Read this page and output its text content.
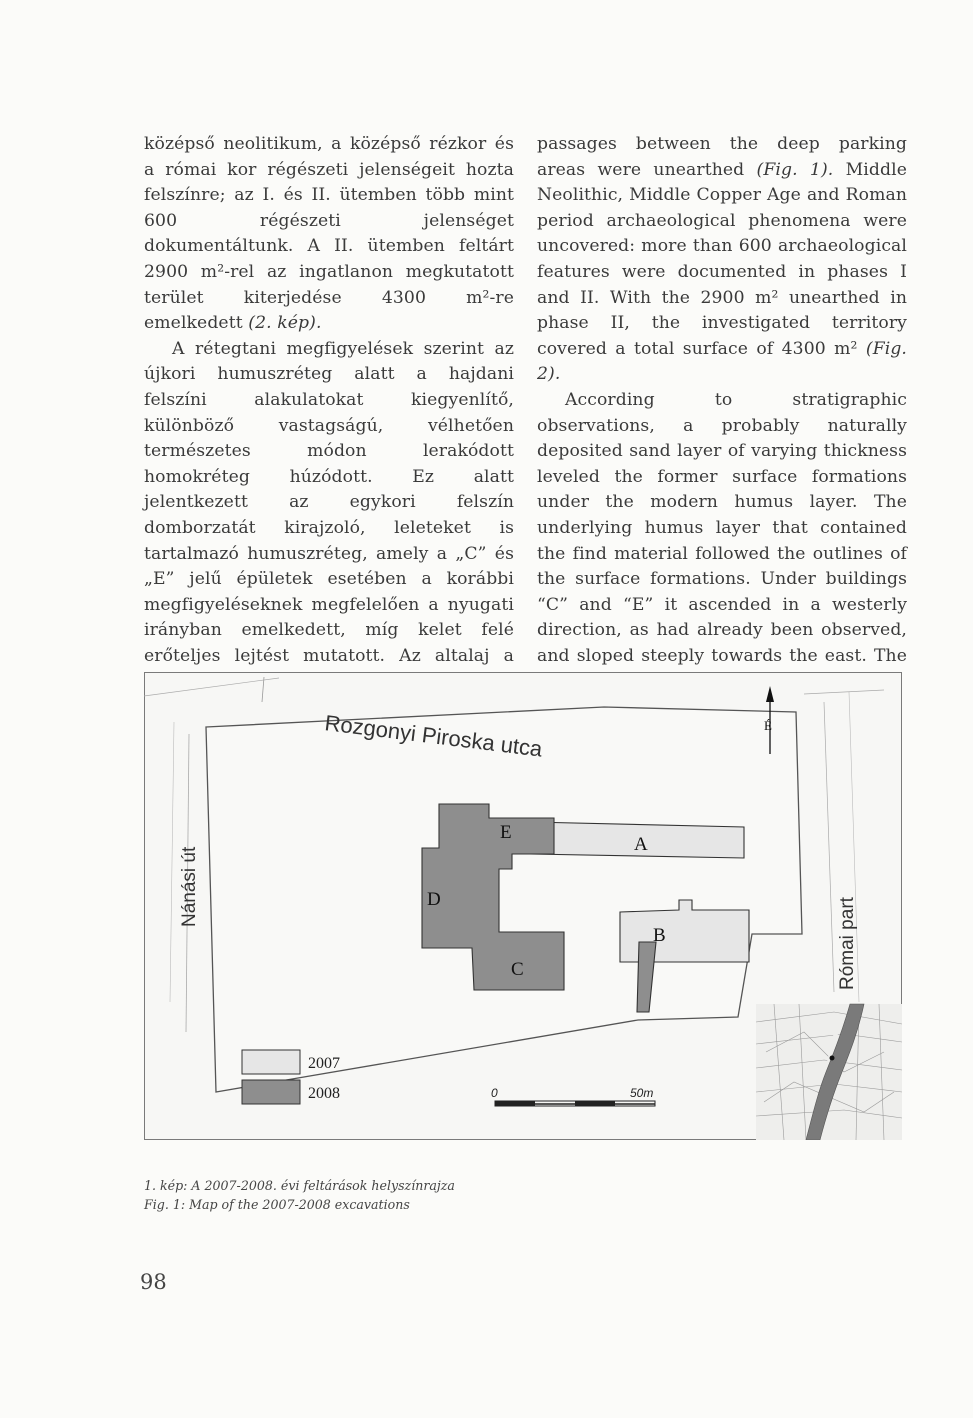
középső neolitikum, a középső rézkor és a római kor régészeti jelenségeit hozta felszínre; az I. és II. ütemben több mint 600 régészeti jelenséget dokumentáltunk. A II. ütemben feltárt 2900 m²-rel az ingatlanon megkutatott terület kiterjedése 4300 m²-re emelkedett (2. kép).

A rétegtani megfigyelések szerint az újkori humuszréteg alatt a hajdani felszíni alakulatokat kiegyenlítő, különböző vastagságú, vélhetően természetes módon lerakódott homokréteg húzódott. Ez alatt jelentkezett az egykori felszín domborzatát kirajzoló, leleteket is tartalmazó humuszréteg, amely a „C” és „E” jelű épületek esetében a korábbi megfigyeléseknek megfelelően a nyugati irányban emelkedett, míg kelet felé erőteljes lejtést mutatott. Az altalaj a

passages between the deep parking areas were unearthed (Fig. 1). Middle Neolithic, Middle Copper Age and Roman period archaeological phenomena were uncovered: more than 600 archaeological features were documented in phases I and II. With the 2900 m² unearthed in phase II, the investigated territory covered a total surface of 4300 m² (Fig. 2).

According to stratigraphic observations, a probably naturally deposited sand layer of varying thickness leveled the former surface formations under the modern humus layer. The underlying humus layer that contained the find material followed the outlines of the surface formations. Under buildings “C” and “E” it ascended in a westerly direction, as had already been observed, and sloped steeply towards the east. The

A
B
C
D
E
Rozgonyi Piroska utca
Nánási út
Római part
É
2007
2008	0	50m
1. kép: A 2007-2008. évi feltárások helyszínrajza
Fig. 1: Map of the 2007-2008 excavations
98
